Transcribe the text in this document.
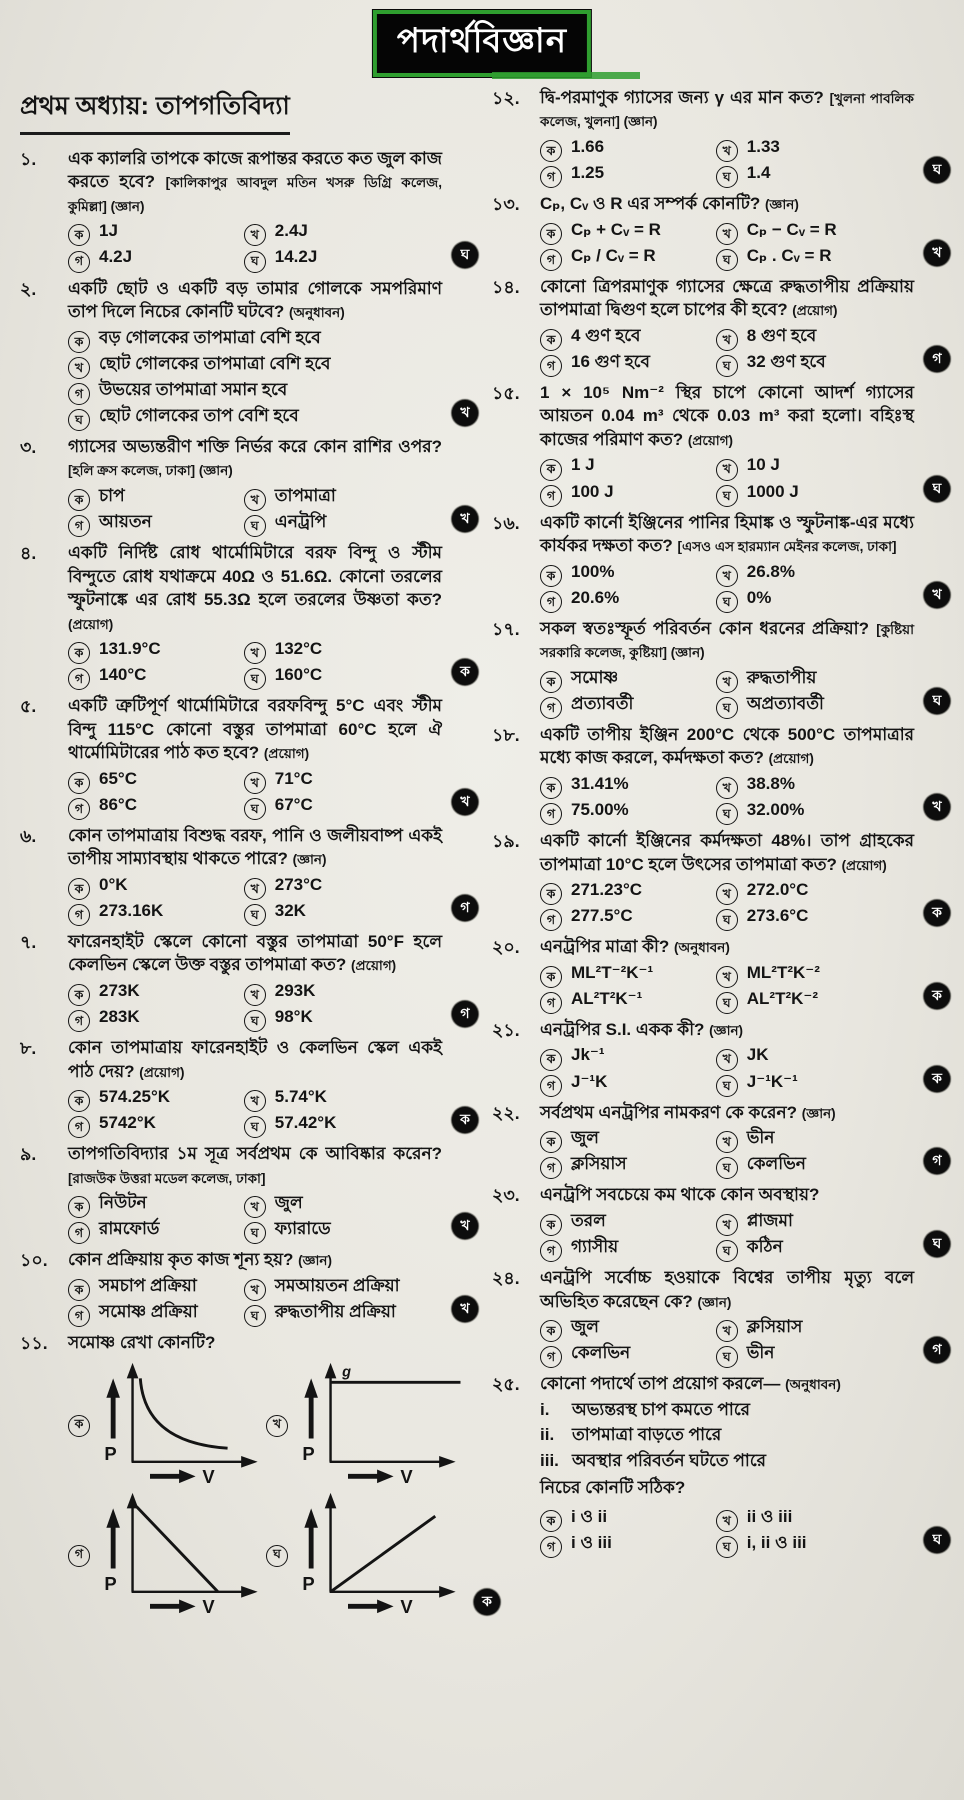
পদার্থবিজ্ঞান
প্রথম অধ্যায়: তাপগতিবিদ্যা
১.	এক ক্যালরি তাপকে কাজে রূপান্তর করতে কত জুল কাজ করতে হবে? [কালিকাপুর আবদুল মতিন খসরু ডিগ্রি কলেজ, কুমিল্লা] (জ্ঞান)
ক 1J	খ 2.4J
গ 4.2J	ঘ 14.2J	ঘ
২.	একটি ছোট ও একটি বড় তামার গোলকে সমপরিমাণ তাপ দিলে নিচের কোনটি ঘটবে? (অনুধাবন)
ক বড় গোলকের তাপমাত্রা বেশি হবে
খ ছোট গোলকের তাপমাত্রা বেশি হবে
গ উভয়ের তাপমাত্রা সমান হবে
ঘ ছোট গোলকের তাপ বেশি হবে	খ
৩.	গ্যাসের অভ্যন্তরীণ শক্তি নির্ভর করে কোন রাশির ওপর? [হলি ক্রস কলেজ, ঢাকা] (জ্ঞান)
ক চাপ	খ তাপমাত্রা
গ আয়তন	ঘ এনট্রপি	খ
৪.	একটি নির্দিষ্ট রোধ থার্মোমিটারে বরফ বিন্দু ও স্টীম বিন্দুতে রোধ যথাক্রমে 40Ω ও 51.6Ω. কোনো তরলের স্ফুটনাঙ্কে এর রোধ 55.3Ω হলে তরলের উষ্ণতা কত? (প্রয়োগ)
ক 131.9°C	খ 132°C
গ 140°C	ঘ 160°C	ক
৫.	একটি ত্রুটিপূর্ণ থার্মোমিটারে বরফবিন্দু 5°C এবং স্টীম বিন্দু 115°C কোনো বস্তুর তাপমাত্রা 60°C হলে ঐ থার্মোমিটারের পাঠ কত হবে? (প্রয়োগ)
ক 65°C	খ 71°C
গ 86°C	ঘ 67°C	খ
৬.	কোন তাপমাত্রায় বিশুদ্ধ বরফ, পানি ও জলীয়বাষ্প একই তাপীয় সাম্যাবস্থায় থাকতে পারে? (জ্ঞান)
ক 0°K	খ 273°C
গ 273.16K	ঘ 32K	গ
৭.	ফারেনহাইট স্কেলে কোনো বস্তুর তাপমাত্রা 50°F হলে কেলভিন স্কেলে উক্ত বস্তুর তাপমাত্রা কত? (প্রয়োগ)
ক 273K	খ 293K
গ 283K	ঘ 98°K	গ
৮.	কোন তাপমাত্রায় ফারেনহাইট ও কেলভিন স্কেল একই পাঠ দেয়? (প্রয়োগ)
ক 574.25°K	খ 5.74°K
গ 5742°K	ঘ 57.42°K	ক
৯.	তাপগতিবিদ্যার ১ম সূত্র সর্বপ্রথম কে আবিষ্কার করেন? [রাজউক উত্তরা মডেল কলেজ, ঢাকা]
ক নিউটন	খ জুল
গ রামফোর্ড	ঘ ফ্যারাডে	খ
১০.	কোন প্রক্রিয়ায় কৃত কাজ শূন্য হয়? (জ্ঞান)
ক সমচাপ প্রক্রিয়া	খ সমআয়তন প্রক্রিয়া
গ সমোষ্ণ প্রক্রিয়া	ঘ রুদ্ধতাপীয় প্রক্রিয়া	খ
১১.	সমোষ্ণ রেখা কোনটি?
ক
P
V
খ
P
V
g
গ
P
V
ঘ
P
V	ক
১২.	দ্বি-পরমাণুক গ্যাসের জন্য γ এর মান কত? [খুলনা পাবলিক কলেজ, খুলনা] (জ্ঞান)
ক 1.66	খ 1.33
গ 1.25	ঘ 1.4	ঘ
১৩.	Cₚ, Cᵥ ও R এর সম্পর্ক কোনটি? (জ্ঞান)
ক Cₚ + Cᵥ = R	খ Cₚ − Cᵥ = R
গ Cₚ / Cᵥ = R	ঘ Cₚ . Cᵥ = R	খ
১৪.	কোনো ত্রিপরমাণুক গ্যাসের ক্ষেত্রে রুদ্ধতাপীয় প্রক্রিয়ায় তাপমাত্রা দ্বিগুণ হলে চাপের কী হবে? (প্রয়োগ)
ক 4 গুণ হবে	খ 8 গুণ হবে
গ 16 গুণ হবে	ঘ 32 গুণ হবে	গ
১৫.	1 × 10⁵ Nm⁻² স্থির চাপে কোনো আদর্শ গ্যাসের আয়তন 0.04 m³ থেকে 0.03 m³ করা হলো। বহিঃস্থ কাজের পরিমাণ কত? (প্রয়োগ)
ক 1 J	খ 10 J
গ 100 J	ঘ 1000 J	ঘ
১৬.	একটি কার্নো ইঞ্জিনের পানির হিমাঙ্ক ও স্ফুটনাঙ্ক-এর মধ্যে কার্যকর দক্ষতা কত? [এসও এস হারম্যান মেইনর কলেজ, ঢাকা]
ক 100%	খ 26.8%
গ 20.6%	ঘ 0%	খ
১৭.	সকল স্বতঃস্ফূর্ত পরিবর্তন কোন ধরনের প্রক্রিয়া? [কুষ্টিয়া সরকারি কলেজ, কুষ্টিয়া] (জ্ঞান)
ক সমোষ্ণ	খ রুদ্ধতাপীয়
গ প্রত্যাবর্তী	ঘ অপ্রত্যাবর্তী	ঘ
১৮.	একটি তাপীয় ইঞ্জিন 200°C থেকে 500°C তাপমাত্রার মধ্যে কাজ করলে, কর্মদক্ষতা কত? (প্রয়োগ)
ক 31.41%	খ 38.8%
গ 75.00%	ঘ 32.00%	খ
১৯.	একটি কার্নো ইঞ্জিনের কর্মদক্ষতা 48%। তাপ গ্রাহকের তাপমাত্রা 10°C হলে উৎসের তাপমাত্রা কত? (প্রয়োগ)
ক 271.23°C	খ 272.0°C
গ 277.5°C	ঘ 273.6°C	ক
২০.	এনট্রপির মাত্রা কী? (অনুধাবন)
ক ML²T⁻²K⁻¹	খ ML²T²K⁻²
গ AL²T²K⁻¹	ঘ AL²T²K⁻²	ক
২১.	এনট্রপির S.I. একক কী? (জ্ঞান)
ক Jk⁻¹	খ JK
গ J⁻¹K	ঘ J⁻¹K⁻¹	ক
২২.	সর্বপ্রথম এনট্রপির নামকরণ কে করেন? (জ্ঞান)
ক জুল	খ ভীন
গ ক্লসিয়াস	ঘ কেলভিন	গ
২৩.	এনট্রপি সবচেয়ে কম থাকে কোন অবস্থায়?
ক তরল	খ প্লাজমা
গ গ্যাসীয়	ঘ কঠিন	ঘ
২৪.	এনট্রপি সর্বোচ্চ হওয়াকে বিশ্বের তাপীয় মৃত্যু বলে অভিহিত করেছেন কে? (জ্ঞান)
ক জুল	খ ক্লসিয়াস
গ কেলভিন	ঘ ভীন	গ
২৫.	কোনো পদার্থে তাপ প্রয়োগ করলে— (অনুধাবন)
i.	অভ্যন্তরস্থ চাপ কমতে পারে
ii.	তাপমাত্রা বাড়তে পারে
iii. অবস্থার পরিবর্তন ঘটতে পারে
নিচের কোনটি সঠিক?
ক i ও ii	খ ii ও iii
গ i ও iii	ঘ i, ii ও iii	ঘ
